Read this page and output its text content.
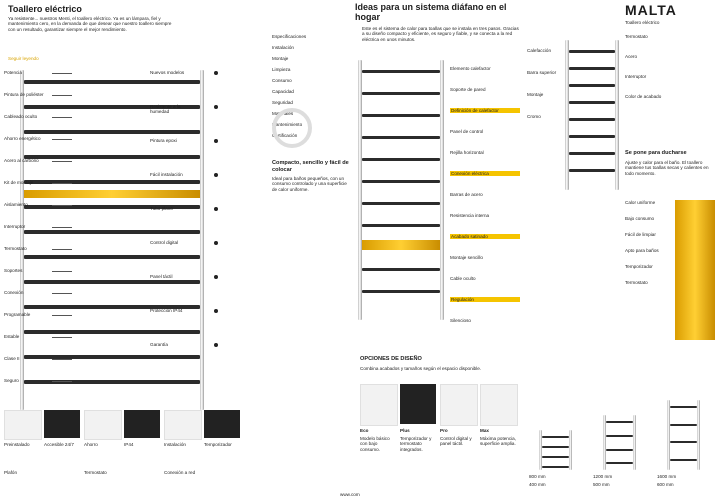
Toallero eléctrico
Ya resistente... nuestros Menti, el toallero eléctrico. Ya es un lámpara, fiel y mantenimiento cero, en la demanda de que desear que nuestro toallero siempre con un resultado, garantizar siempre el mejor rendimiento.
Seguir leyendo
Potencia
Pintura de poliéster
Cableado oculto
Ahorro energético
Acero al carbono
Kit de montaje
Aislamiento
Interruptor
Termostato
Soportes
Conexión
Programable
Estable
Clase II
Seguro
Nuevos modelos
Resistente a la humedad
Pintura epoxi
Fácil instalación
Tubo plano
Control digital
Panel táctil
Protección IP44
Garantía
Preinstalado	Accesible 24/7	Ahorro	IP44	Instalación	Temporizador
Plafón	Termostato	Conexión a red
Ideas para un sistema diáfano en el hogar
Este es el sistema de calor para toallas que se instala en tres pasos. Gracias a su diseño compacto y eficiente, es seguro y fiable, y se conecta a la red eléctrica en unos minutos.
Especificaciones
Instalación
Montaje
Limpieza
Consumo
Capacidad
Seguridad
Materiales
Mantenimiento
Certificación
Compacto, sencillo y fácil de colocar
Ideal para baños pequeños, con un consumo controlado y una superficie de calor uniforme.
Elemento calefactor
Soporte de pared
Definición de calefactor
Panel de control
Rejilla horizontal
Conexión eléctrica
Barras de acero
Resistencia interna
Acabado satinado
Montaje sencillo
Cable oculto
Regulación
Silencioso
OPCIONES DE DISEÑO
Combina acabados y tamaños según el espacio disponible.
Eco
Modelo básico con bajo consumo.
Plus
Temporizador y termostato integrados.
Pro
Control digital y panel táctil.
Max
Máxima potencia, superficie amplia.
www.com
MALTA
Toallero eléctrico
Calefacción
Barra superior
Montaje
Cromo
Termostato
Acero
Interruptor
Color de acabado
Se pone para ducharse
Ajuste y calor para el baño. El toallero mantiene tus toallas secas y calientes en todo momento.
Calor uniforme
Bajo consumo
Fácil de limpiar
Apto para baños
Temporizador
Termostato
800 mm
400 mm
1200 mm
500 mm
1600 mm
600 mm
